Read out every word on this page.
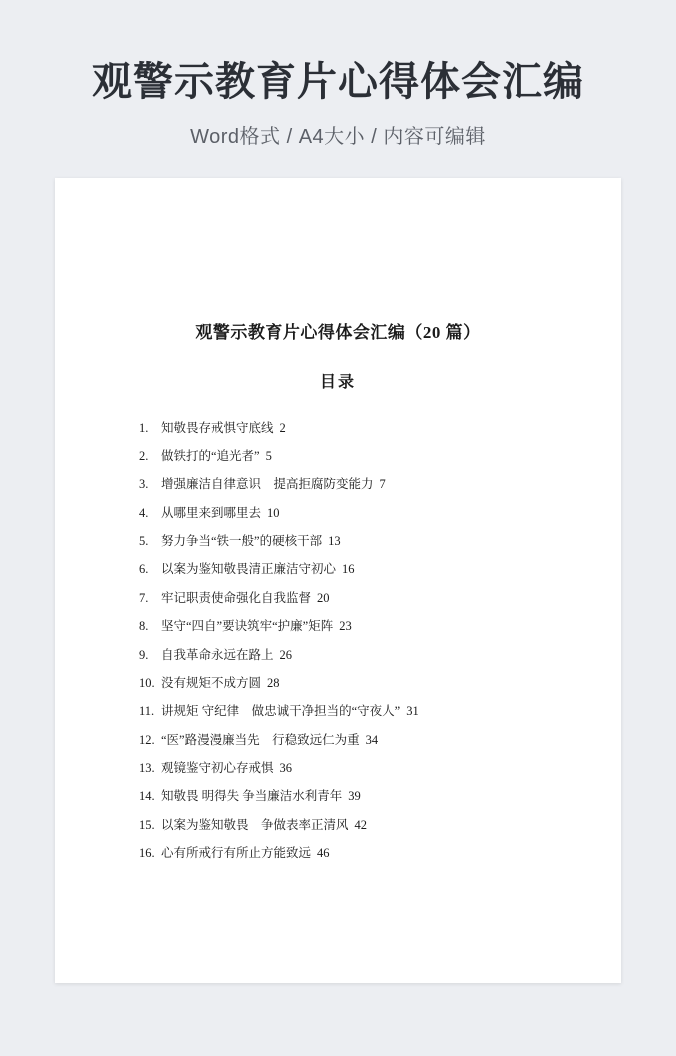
观警示教育片心得体会汇编
Word格式 / A4大小 / 内容可编辑
观警示教育片心得体会汇编（20 篇）
目录
1. 知敬畏存戒惧守底线 2
2. 做铁打的“追光者” 5
3. 增强廉洁自律意识　提高拒腐防变能力 7
4. 从哪里来到哪里去 10
5. 努力争当“铁一般”的硬核干部 13
6. 以案为鉴知敬畏清正廉洁守初心 16
7. 牢记职责使命强化自我监督 20
8. 坚守“四自”要诀筑牢“护廉”矩阵 23
9. 自我革命永远在路上 26
10. 没有规矩不成方圆 28
11. 讲规矩 守纪律　做忠诚干净担当的“守夜人” 31
12. “医”路漫漫廉当先　行稳致远仁为重 34
13. 观镜鉴守初心存戒惧 36
14. 知敬畏 明得失 争当廉洁水利青年 39
15. 以案为鉴知敬畏　争做表率正清风 42
16. 心有所戒行有所止方能致远 46
